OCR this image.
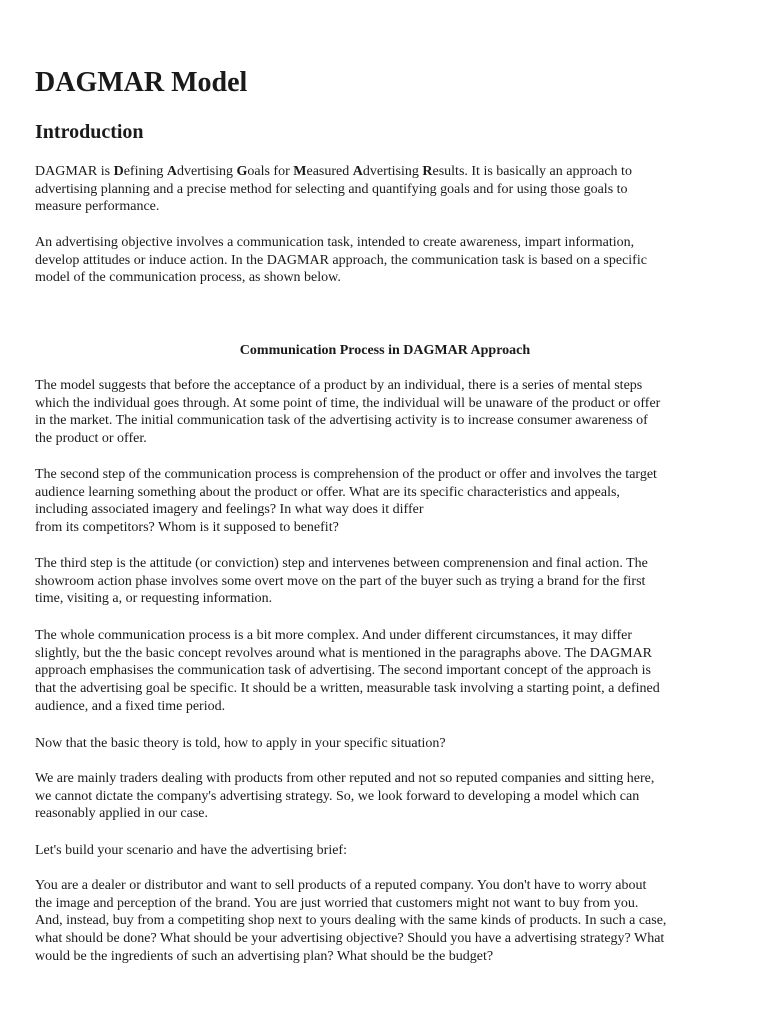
DAGMAR Model
Introduction
DAGMAR is Defining Advertising Goals for Measured Advertising Results. It is basically an approach to
advertising planning and a precise method for selecting and quantifying goals and for using those goals to
measure performance.
An advertising objective involves a communication task, intended to create awareness, impart information,
develop attitudes or induce action. In the DAGMAR approach, the communication task is based on a specific
model of the communication process, as shown below.
Communication Process in DAGMAR Approach
The model suggests that before the acceptance of a product by an individual, there is a series of mental steps
which the individual goes through. At some point of time, the individual will be unaware of the product or offer
in the market. The initial communication task of the advertising activity is to increase consumer awareness of
the product or offer.
The second step of the communication process is comprehension of the product or offer and involves the target
audience learning something about the product or offer. What are its specific characteristics and appeals,
including associated imagery and feelings? In what way does it differ
from its competitors? Whom is it supposed to benefit?
The third step is the attitude (or conviction) step and intervenes between comprenension and final action. The
showroom action phase involves some overt move on the part of the buyer such as trying a brand for the first
time, visiting a, or requesting information.
The whole communication process is a bit more complex. And under different circumstances, it may differ
slightly, but the the basic concept revolves around what is mentioned in the paragraphs above. The DAGMAR
approach emphasises the communication task of advertising. The second important concept of the approach is
that the advertising goal be specific. It should be a written, measurable task involving a starting point, a defined
audience, and a fixed time period.
Now that the basic theory is told, how to apply in your specific situation?
We are mainly traders dealing with products from other reputed and not so reputed companies and sitting here,
we cannot dictate the company's advertising strategy. So, we look forward to developing a model which can
reasonably applied in our case.
Let's build your scenario and have the advertising brief:
You are a dealer or distributor and want to sell products of a reputed company. You don't have to worry about
the image and perception of the brand. You are just worried that customers might not want to buy from you.
And, instead, buy from a competiting shop next to yours dealing with the same kinds of products. In such a case,
what should be done? What should be your advertising objective? Should you have a advertising strategy? What
would be the ingredients of such an advertising plan? What should be the budget?
